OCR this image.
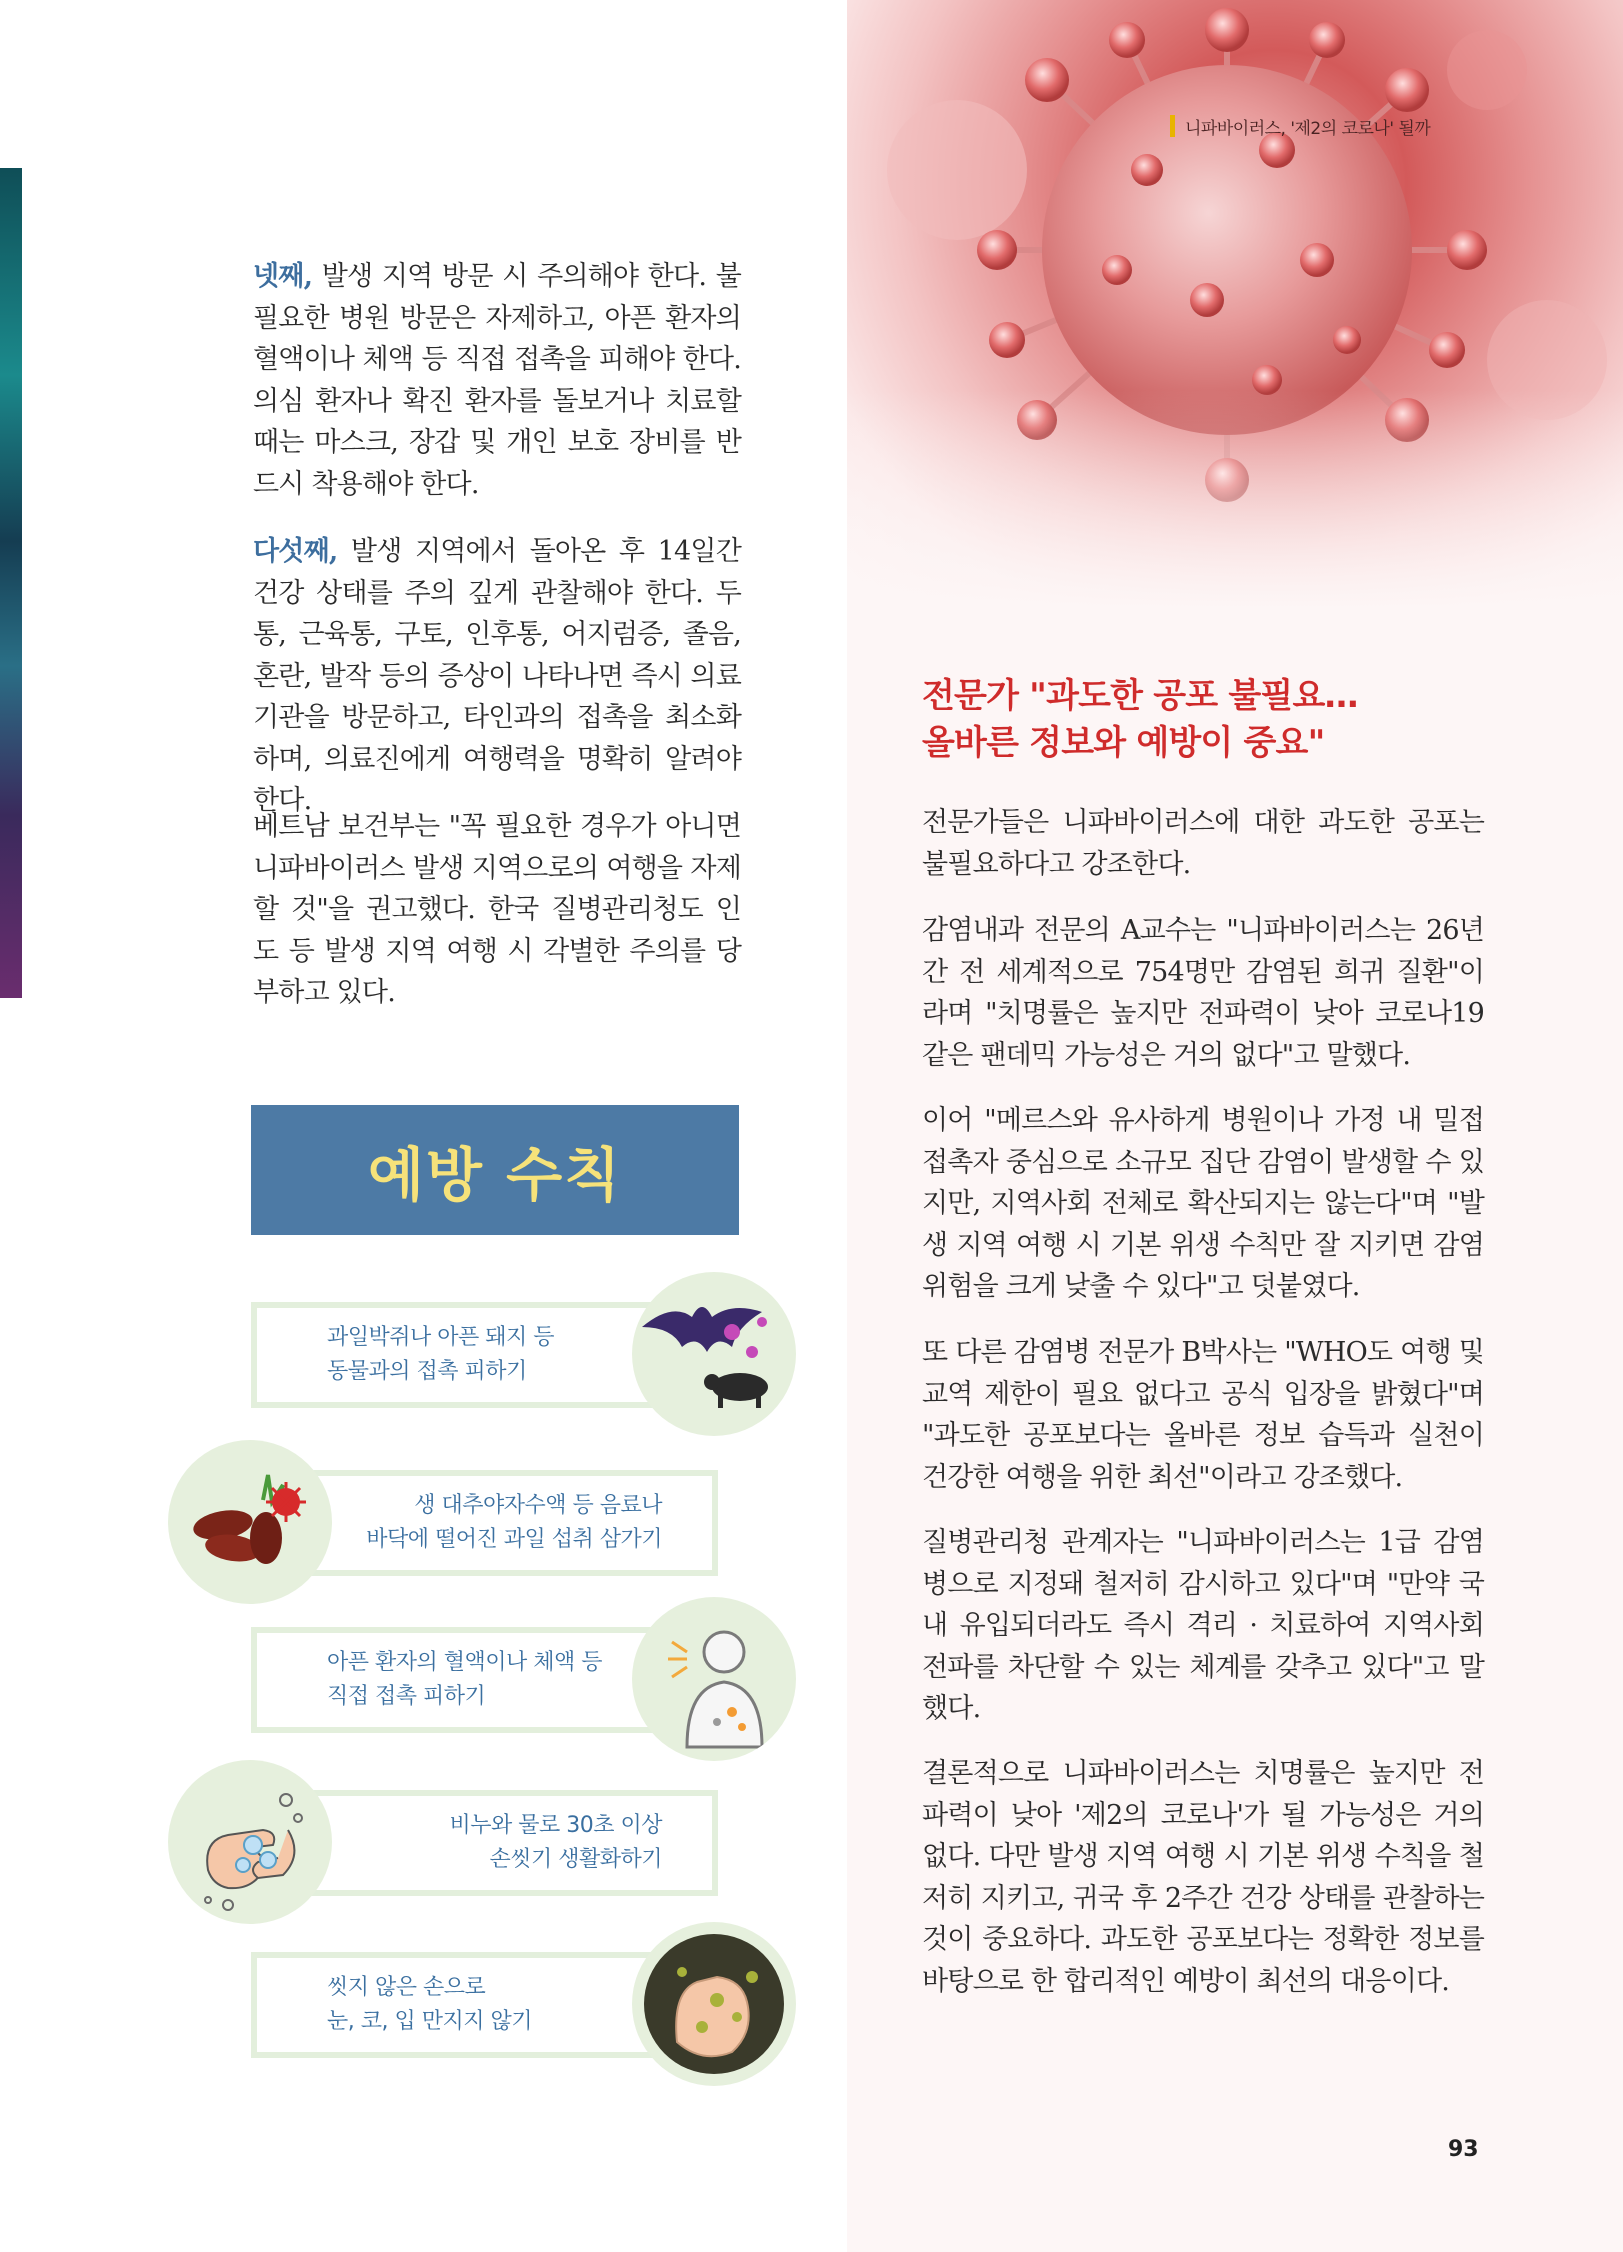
니파바이러스, '제2의 코로나' 될까

넷째, 발생 지역 방문 시 주의해야 한다. 불필요한 병원 방문은 자제하고, 아픈 환자의 혈액이나 체액 등 직접 접촉을 피해야 한다. 의심 환자나 확진 환자를 돌보거나 치료할 때는 마스크, 장갑 및 개인 보호 장비를 반드시 착용해야 한다.

다섯째, 발생 지역에서 돌아온 후 14일간 건강 상태를 주의 깊게 관찰해야 한다. 두통, 근육통, 구토, 인후통, 어지럼증, 졸음, 혼란, 발작 등의 증상이 나타나면 즉시 의료기관을 방문하고, 타인과의 접촉을 최소화하며, 의료진에게 여행력을 명확히 알려야 한다.

베트남 보건부는 "꼭 필요한 경우가 아니면 니파바이러스 발생 지역으로의 여행을 자제할 것"을 권고했다. 한국 질병관리청도 인도 등 발생 지역 여행 시 각별한 주의를 당부하고 있다.

예방 수칙
과일박쥐나 아픈 돼지 등
동물과의 접촉 피하기
생 대추야자수액 등 음료나
바닥에 떨어진 과일 섭취 삼가기
아픈 환자의 혈액이나 체액 등
직접 접촉 피하기
비누와 물로 30초 이상
손씻기 생활화하기
씻지 않은 손으로
눈, 코, 입 만지지 않기
전문가 "과도한 공포 불필요…
올바른 정보와 예방이 중요"

전문가들은 니파바이러스에 대한 과도한 공포는 불필요하다고 강조한다.

감염내과 전문의 A교수는 "니파바이러스는 26년간 전 세계적으로 754명만 감염된 희귀 질환"이라며 "치명률은 높지만 전파력이 낮아 코로나19 같은 팬데믹 가능성은 거의 없다"고 말했다.

이어 "메르스와 유사하게 병원이나 가정 내 밀접접촉자 중심으로 소규모 집단 감염이 발생할 수 있지만, 지역사회 전체로 확산되지는 않는다"며 "발생 지역 여행 시 기본 위생 수칙만 잘 지키면 감염 위험을 크게 낮출 수 있다"고 덧붙였다.

또 다른 감염병 전문가 B박사는 "WHO도 여행 및 교역 제한이 필요 없다고 공식 입장을 밝혔다"며 "과도한 공포보다는 올바른 정보 습득과 실천이 건강한 여행을 위한 최선"이라고 강조했다.

질병관리청 관계자는 "니파바이러스는 1급 감염병으로 지정돼 철저히 감시하고 있다"며 "만약 국내 유입되더라도 즉시 격리 · 치료하여 지역사회 전파를 차단할 수 있는 체계를 갖추고 있다"고 말했다.

결론적으로 니파바이러스는 치명률은 높지만 전파력이 낮아 '제2의 코로나'가 될 가능성은 거의 없다. 다만 발생 지역 여행 시 기본 위생 수칙을 철저히 지키고, 귀국 후 2주간 건강 상태를 관찰하는 것이 중요하다. 과도한 공포보다는 정확한 정보를 바탕으로 한 합리적인 예방이 최선의 대응이다.

93
